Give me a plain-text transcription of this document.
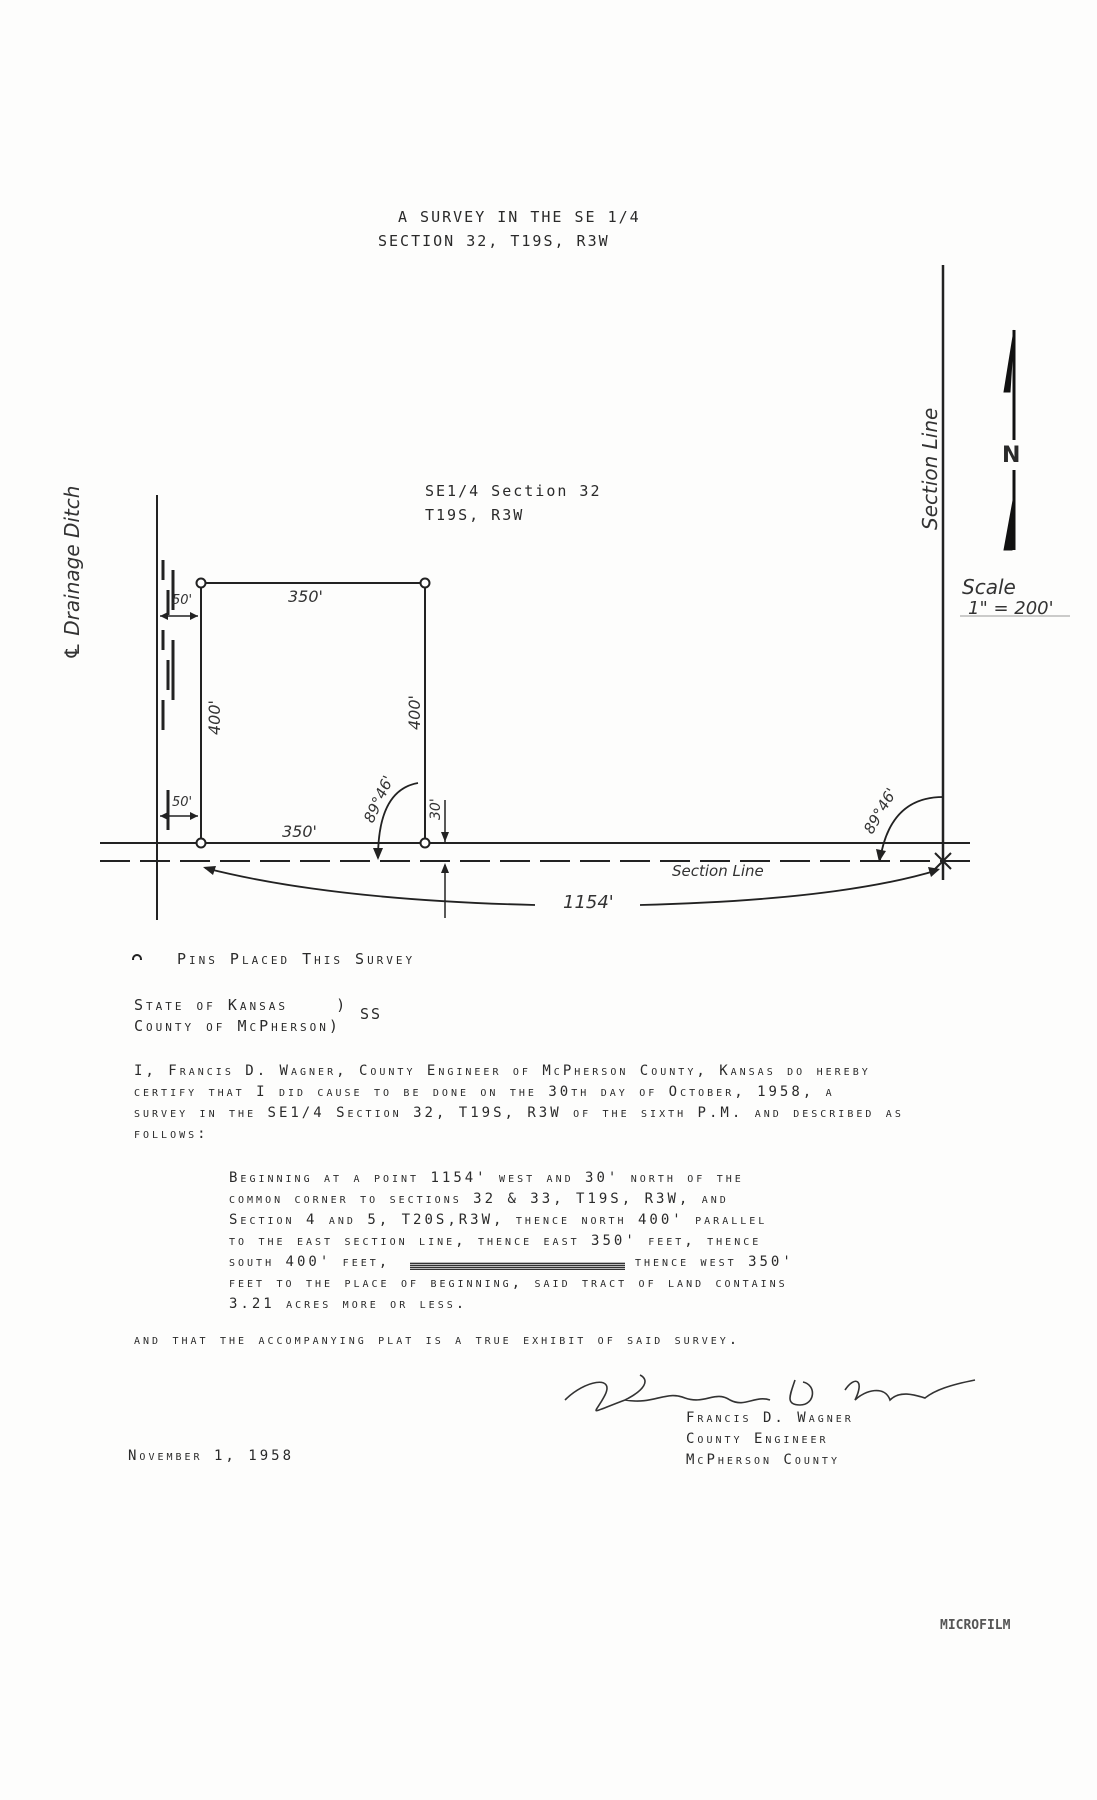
A SURVEY IN THE SE 1/4
SECTION 32, T19S, R3W
SE1/4 Section 32
T19S, R3W
℄ Drainage Ditch
Section Line
Section Line
N
Scale
1" = 200'
350'
350'
400'	400'
50'
50'	30'
89°46'	89°46'
1154'
Pins Placed This Survey
State of Kansas    )
County of McPherson)
SS
I, Francis D. Wagner, County Engineer of McPherson County, Kansas do hereby
certify that I did cause to be done on the 30th day of October, 1958, a
survey in the SE1/4 Section 32, T19S, R3W of the sixth P.M. and described as
follows:
Beginning at a point 1154' west and 30' north of the
common corner to sections 32 & 33, T19S, R3W, and
Section 4 and 5, T20S,R3W, thence north 400' parallel
to the east section line, thence east 350' feet, thence
south 400' feet,	thence west 350'
feet to the place of beginning, said tract of land contains
3.21 acres more or less.
and that the accompanying plat is a true exhibit of said survey.
Francis D. Wagner
County Engineer
McPherson County
November 1, 1958
MICROFILM
